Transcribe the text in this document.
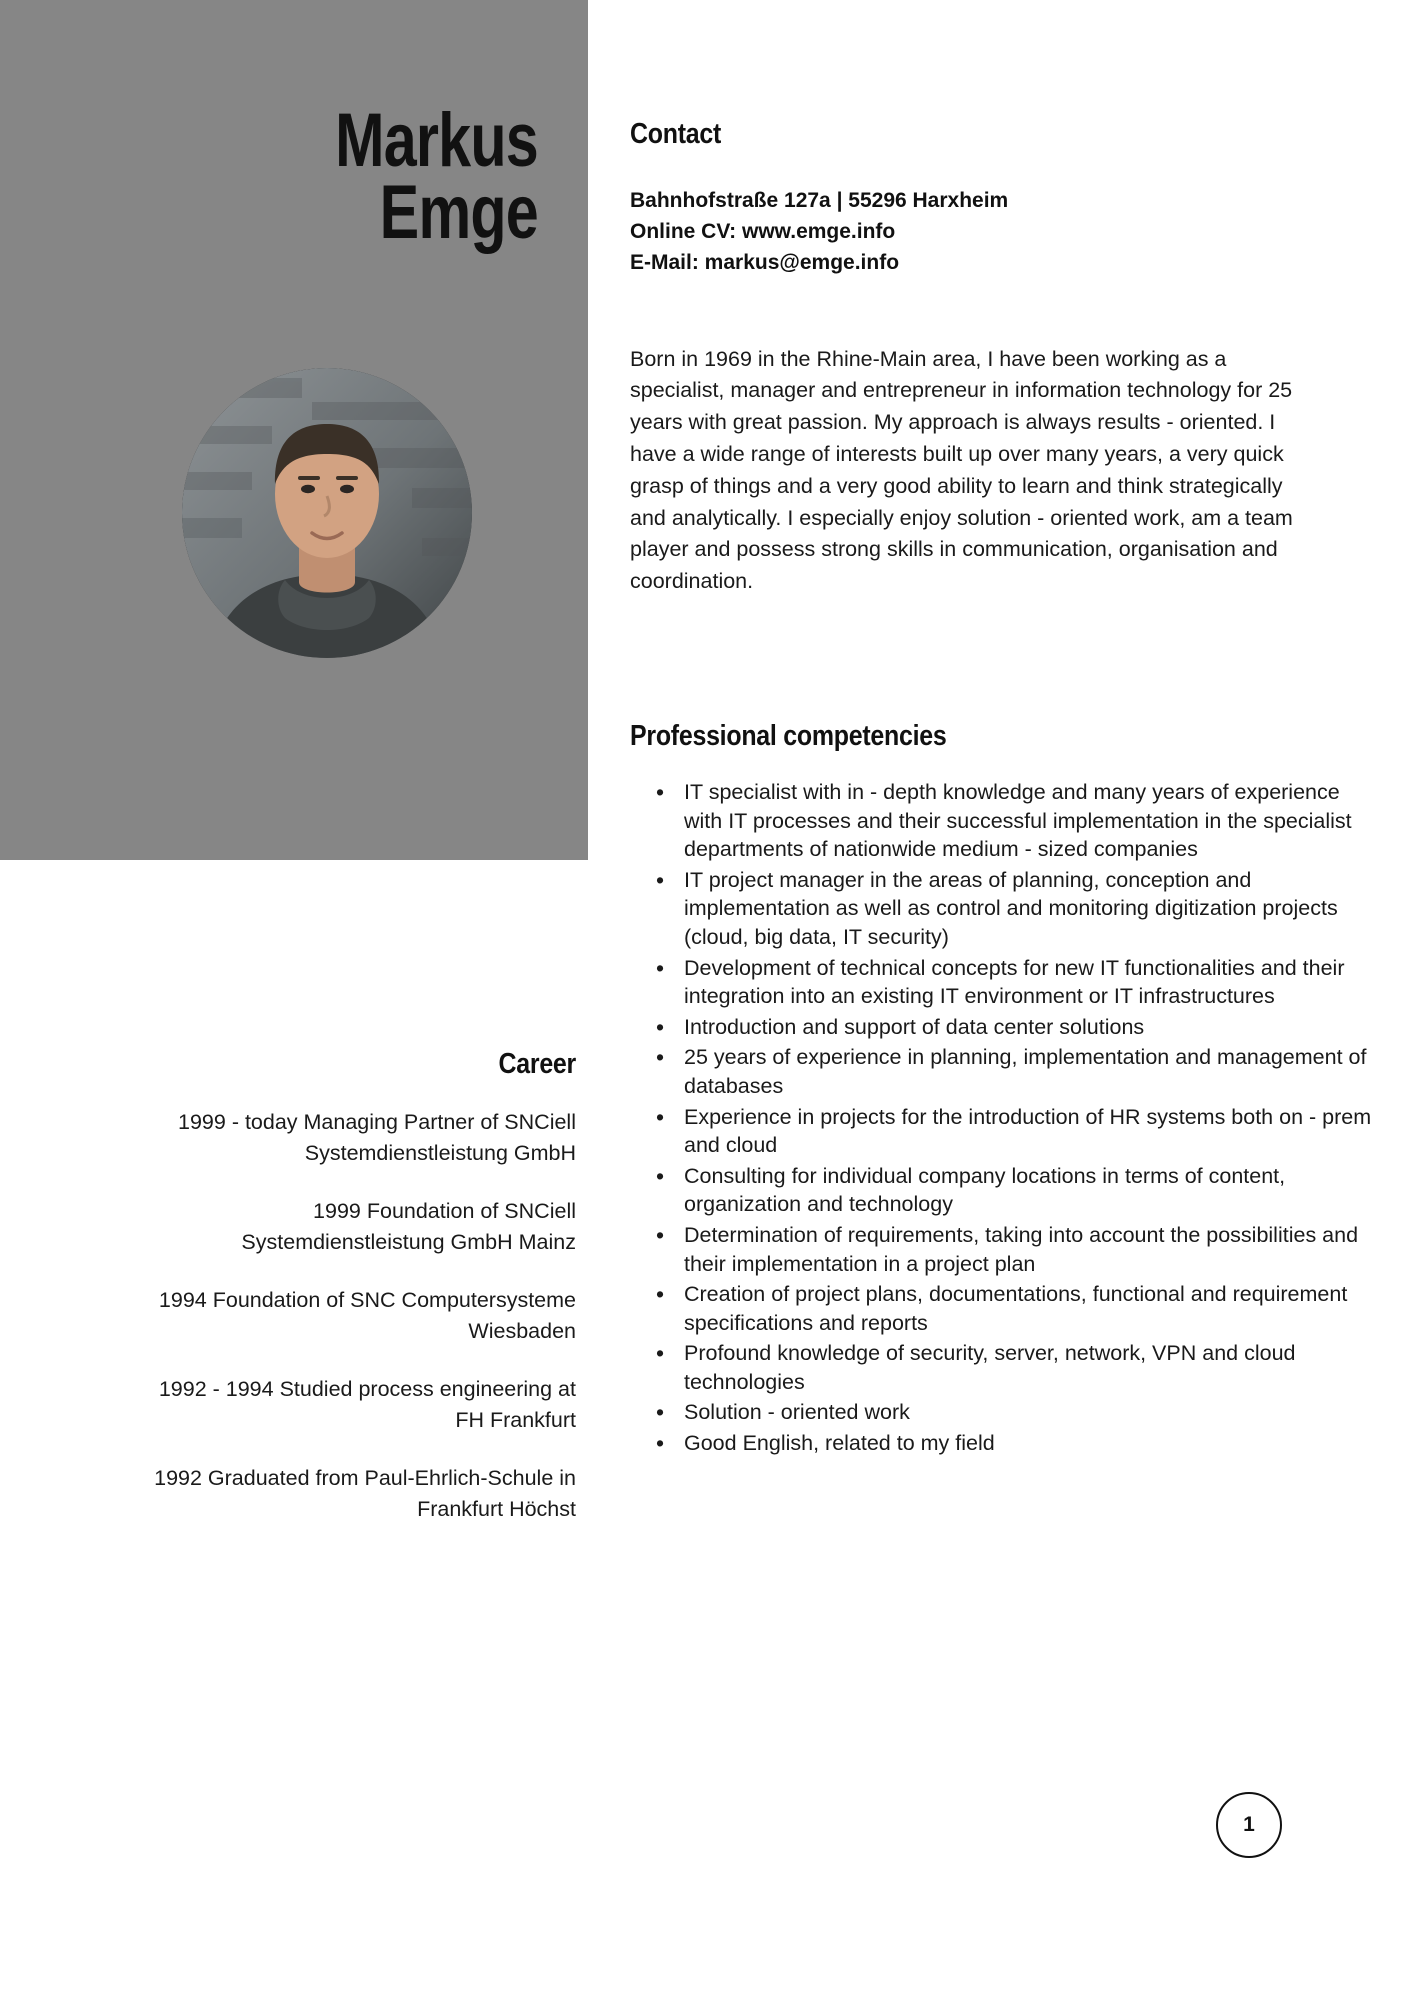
Markus
Emge
Career
1999 - today Managing Partner of SNCiell Systemdienstleistung GmbH
1999 Foundation of SNCiell Systemdienstleistung GmbH Mainz
1994 Foundation of SNC Computersysteme Wiesbaden
1992 - 1994 Studied process engineering at FH Frankfurt
1992 Graduated from Paul-Ehrlich-Schule in Frankfurt Höchst
Contact
Bahnhofstraße 127a | 55296 Harxheim
Online CV: www.emge.info
E-Mail: markus@emge.info

Born in 1969 in the Rhine-Main area, I have been working as a specialist, manager and entrepreneur in information technology for 25 years with great passion. My approach is always results - oriented. I have a wide range of interests built up over many years, a very quick grasp of things and a very good ability to learn and think strategically and analytically. I especially enjoy solution - oriented work, am a team player and possess strong skills in communication, organisation and coordination.

Professional competencies
• IT specialist with in - depth knowledge and many years of experience with IT processes and their successful implementation in the specialist departments of nationwide medium - sized companies
• IT project manager in the areas of planning, conception and implementation as well as control and monitoring digitization projects (cloud, big data, IT security)
• Development of technical concepts for new IT functionalities and their integration into an existing IT environment or IT infrastructures
• Introduction and support of data center solutions
• 25 years of experience in planning, implementation and management of databases
• Experience in projects for the introduction of HR systems both on - prem and cloud
• Consulting for individual company locations in terms of content, organization and technology
• Determination of requirements, taking into account the possibilities and their implementation in a project plan
• Creation of project plans, documentations, functional and requirement specifications and reports
• Profound knowledge of security, server, network, VPN and cloud technologies
• Solution - oriented work
• Good English, related to my field
1
